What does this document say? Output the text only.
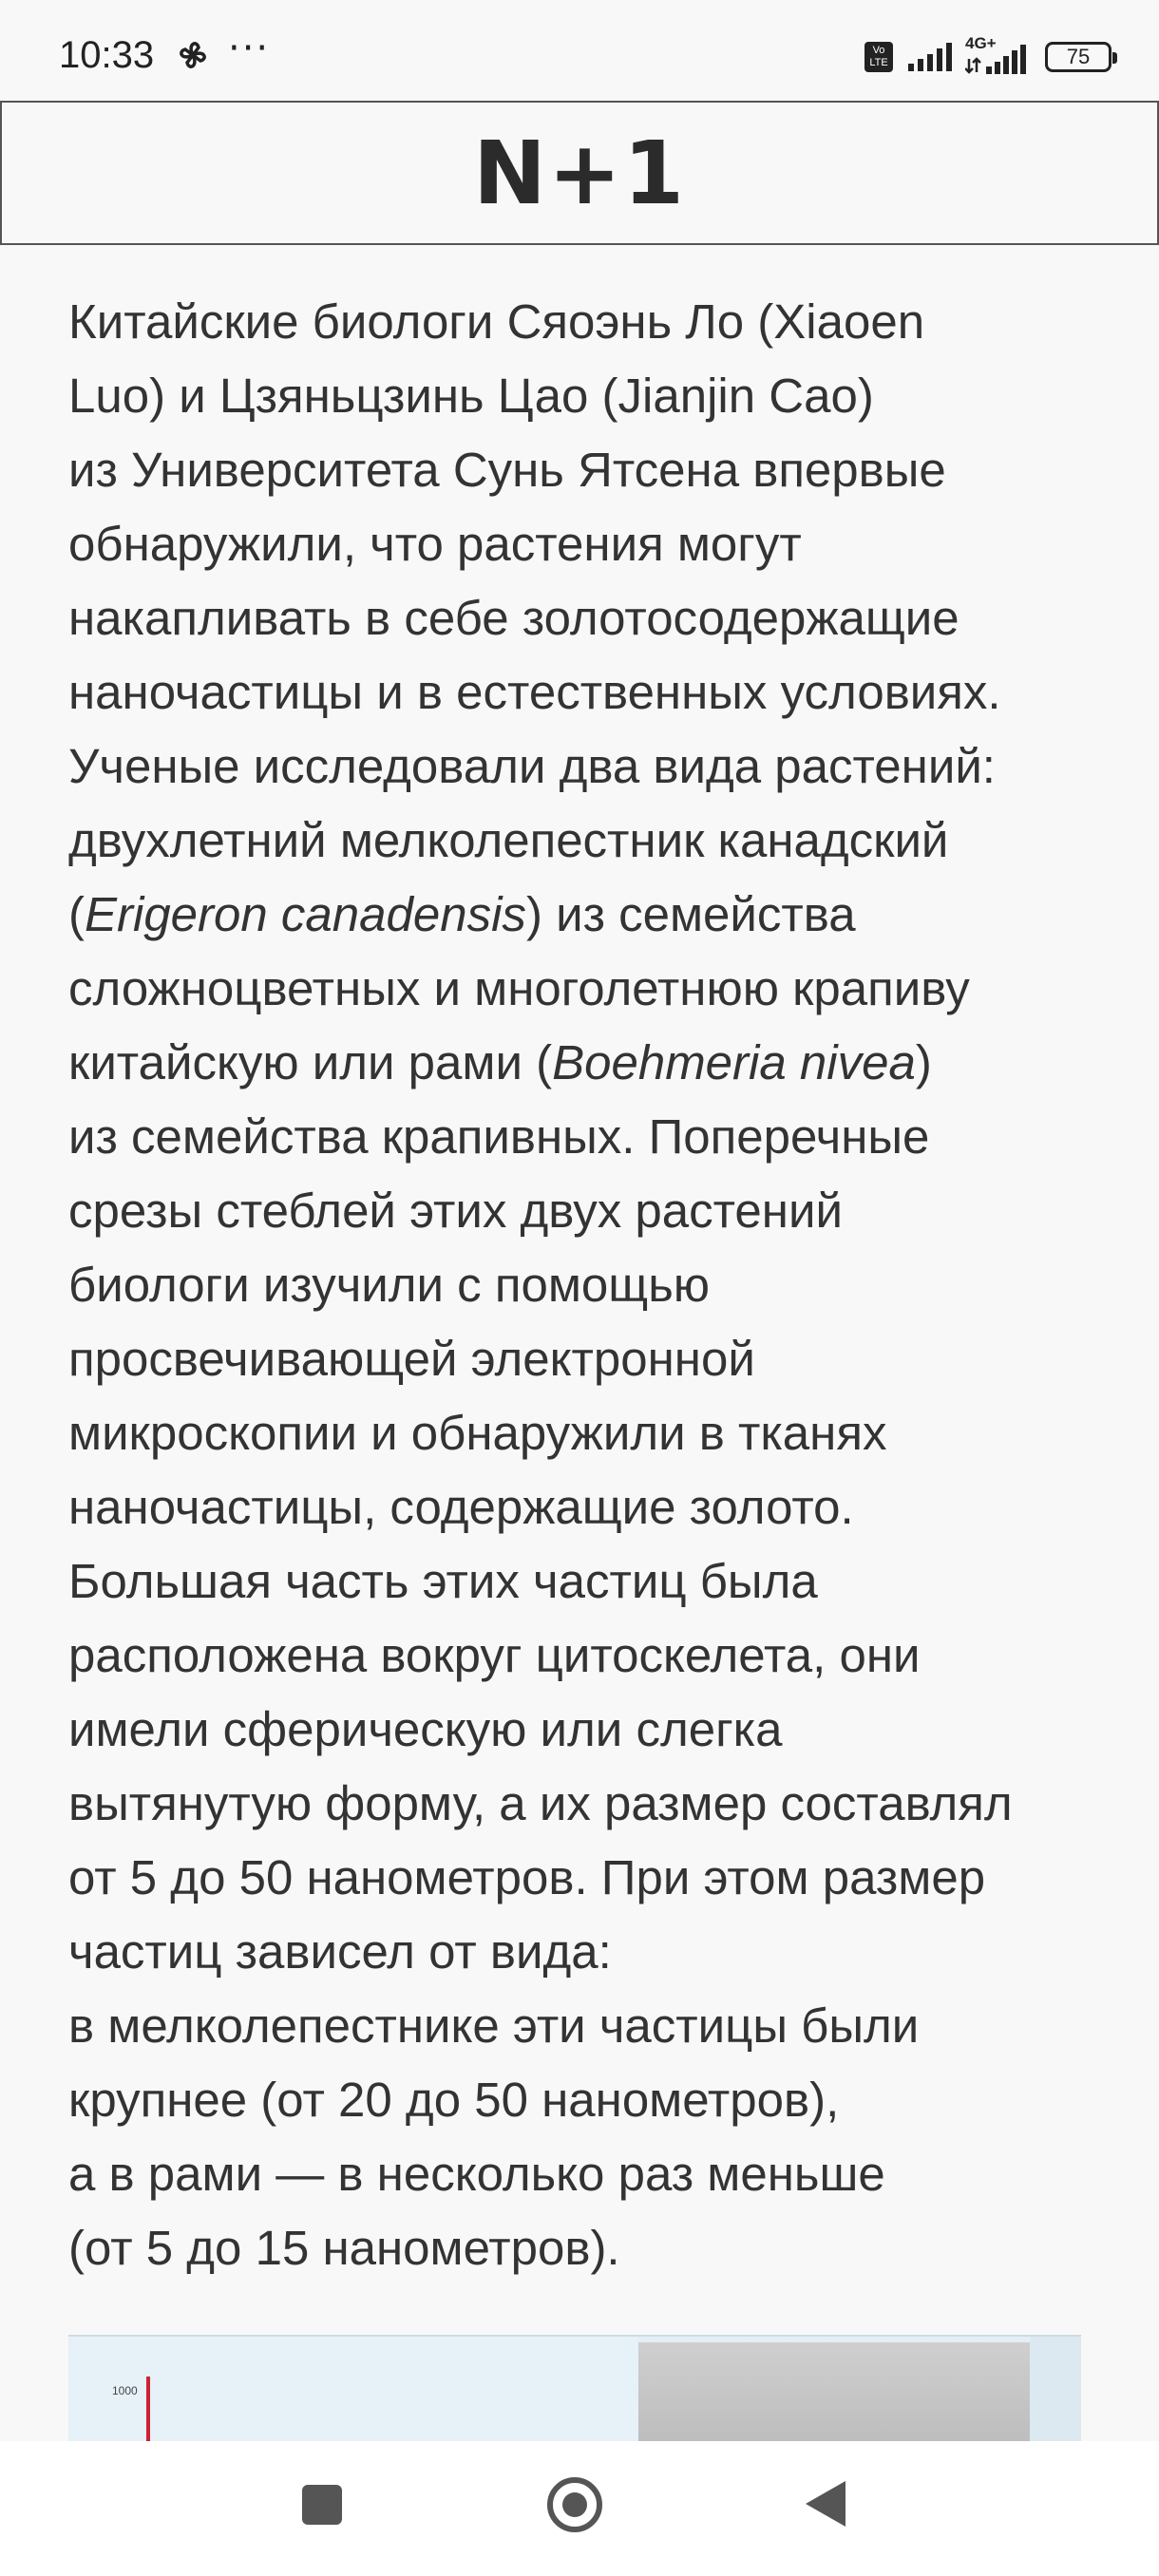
10:33 ···	Vo
LTE
4G+
75
N+1

Китайские биологи Сяоэнь Ло (Xiaoen
Luo) и Цзяньцзинь Цао (Jianjin Cao)
из Университета Сунь Ятсена впервые
обнаружили, что растения могут
накапливать в себе золотосодержащие
наночастицы и в естественных условиях.
Ученые исследовали два вида растений:
двухлетний мелколепестник канадский
(Erigeron canadensis) из семейства
сложноцветных и многолетнюю крапиву
китайскую или рами (Boehmeria nivea)
из семейства крапивных. Поперечные
срезы стеблей этих двух растений
биологи изучили с помощью
просвечивающей электронной
микроскопии и обнаружили в тканях
наночастицы, содержащие золото.
Большая часть этих частиц была
расположена вокруг цитоскелета, они
имели сферическую или слегка
вытянутую форму, а их размер составлял
от 5 до 50 нанометров. При этом размер
частиц зависел от вида:
в мелколепестнике эти частицы были
крупнее (от 20 до 50 нанометров),
а в рами — в несколько раз меньше
(от 5 до 15 нанометров).

1000
